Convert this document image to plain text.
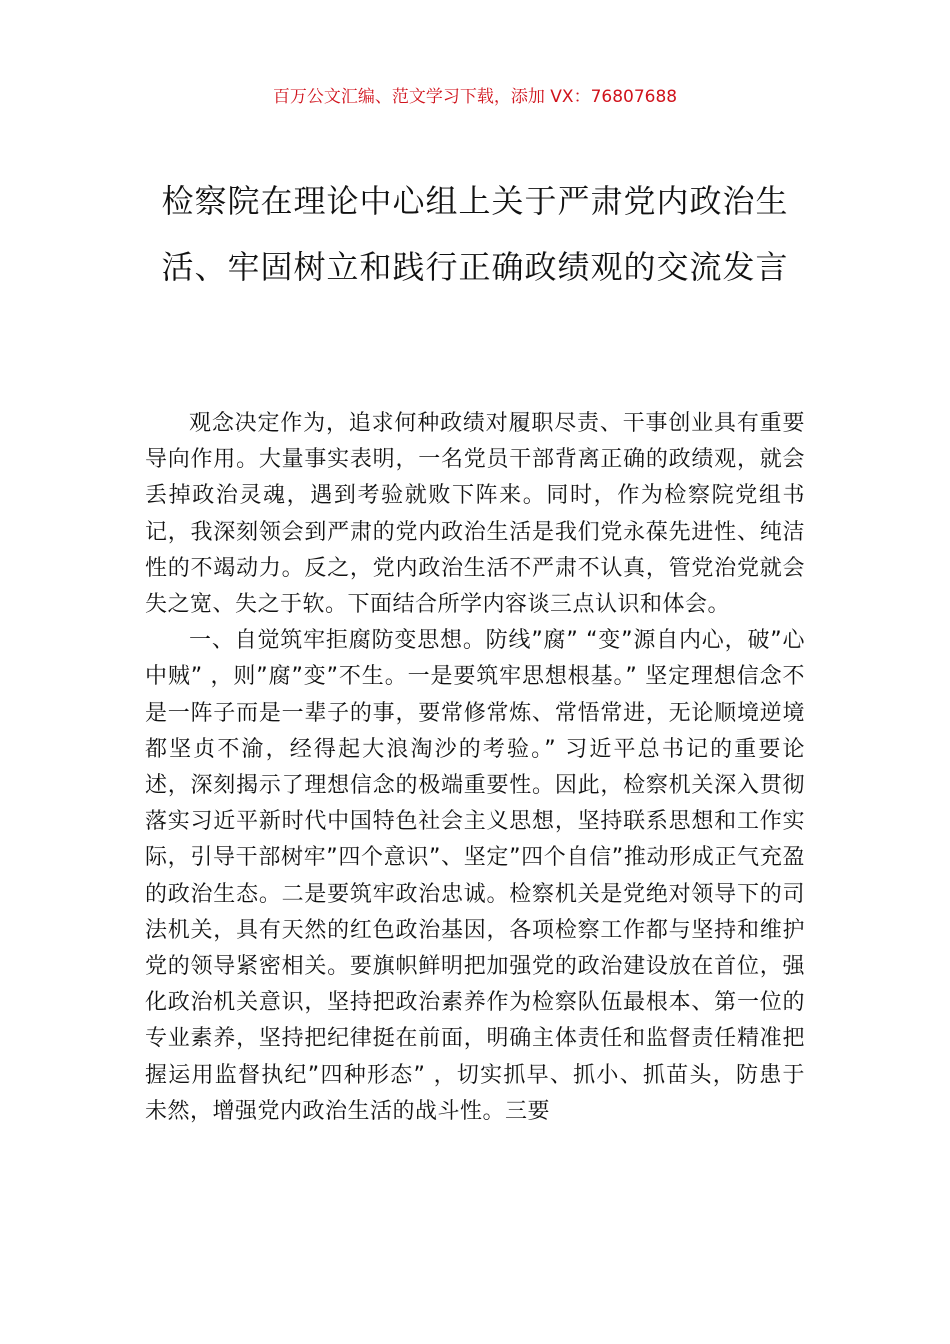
百万公文汇编、范文学习下载，添加 VX：76807688
检察院在理论中心组上关于严肃党内政治生活、牢固树立和践行正确政绩观的交流发言

观念决定作为，追求何种政绩对履职尽责、干事创业具有重要导向作用。大量事实表明，一名党员干部背离正确的政绩观，就会丢掉政治灵魂，遇到考验就败下阵来。同时，作为检察院党组书记，我深刻领会到严肃的党内政治生活是我们党永葆先进性、纯洁性的不竭动力。反之，党内政治生活不严肃不认真，管党治党就会失之宽、失之于软。下面结合所学内容谈三点认识和体会。

一、自觉筑牢拒腐防变思想。防线”腐” “变”源自内心，破”心中贼” ，则”腐”变”不生。一是要筑牢思想根基。” 坚定理想信念不是一阵子而是一辈子的事，要常修常炼、常悟常进，无论顺境逆境都坚贞不渝，经得起大浪淘沙的考验。” 习近平总书记的重要论述，深刻揭示了理想信念的极端重要性。因此，检察机关深入贯彻落实习近平新时代中国特色社会主义思想，坚持联系思想和工作实际，引导干部树牢”四个意识”、坚定”四个自信”推动形成正气充盈的政治生态。二是要筑牢政治忠诚。检察机关是党绝对领导下的司法机关，具有天然的红色政治基因，各项检察工作都与坚持和维护党的领导紧密相关。要旗帜鲜明把加强党的政治建设放在首位，强化政治机关意识，坚持把政治素养作为检察队伍最根本、第一位的专业素养，坚持把纪律挺在前面，明确主体责任和监督责任精准把握运用监督执纪”四种形态” ，切实抓早、抓小、抓苗头，防患于未然，增强党内政治生活的战斗性。三要
